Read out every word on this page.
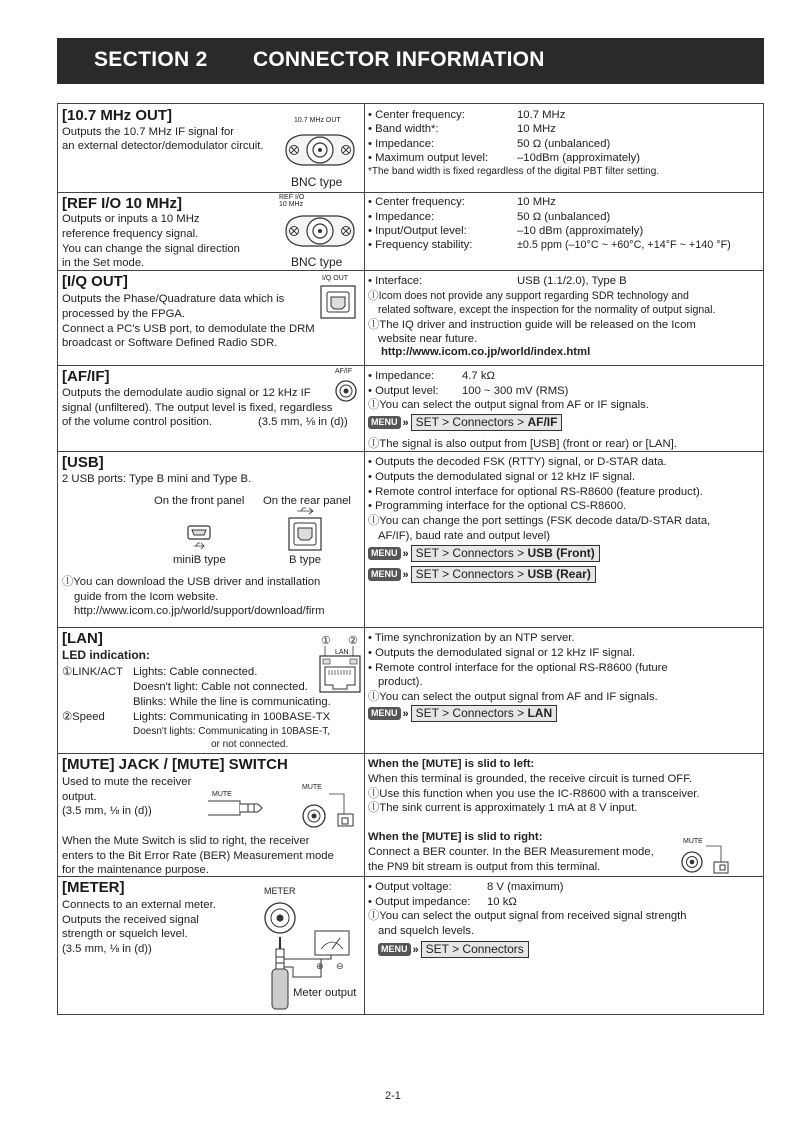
SECTION 2 CONNECTOR INFORMATION
[10.7 MHz OUT]
Outputs the 10.7 MHz IF signal for
an external detector/demodulator circuit.
10.7 MHz OUT
BNC type
• Center frequency:	10.7 MHz
• Band width*:	10 MHz
• Impedance:	50 Ω (unbalanced)
• Maximum output level:	–10dBm (approximately)
*The band width is fixed regardless of the digital PBT filter setting.
[REF I/O 10 MHz]
Outputs or inputs a 10 MHz
reference frequency signal.
You can change the signal direction
in the Set mode.
REF I/O
10 MHz
BNC type
• Center frequency:	10 MHz
• Impedance:	50 Ω (unbalanced)
• Input/Output level:	–10 dBm (approximately)
• Frequency stability:	±0.5 ppm (–10°C ~ +60°C, +14°F ~ +140 °F)
[I/Q OUT]
Outputs the Phase/Quadrature data which is
processed by the FPGA.
Connect a PC's USB port, to demodulate the DRM
broadcast or Software Defined Radio SDR.
I/Q OUT • Interface:	USB (1.1/2.0), Type B
ⓛIcom does not provide any support regarding SDR technology and
related software, except the inspection for the normality of output signal.
ⓛThe IQ driver and instruction guide will be released on the Icom
website near future.
http://www.icom.co.jp/world/index.html
[AF/IF]
Outputs the demodulate audio signal or 12 kHz IF
signal (unfiltered). The output level is fixed, regardless
of the volume control position.	(3.5 mm, ⅛ in (d))
AF/IF • Impedance: 4.7 kΩ
• Output level: 100 ~ 300 mV (RMS)
ⓛYou can select the output signal from AF or IF signals.
MENU » SET > Connectors > AF/IF
ⓛThe signal is also output from [USB] (front or rear) or [LAN].
[USB]
2 USB ports: Type B mini and Type B.
On the front panel On the rear panel
miniB type	B type
ⓛYou can download the USB driver and installation
guide from the Icom website.
http://www.icom.co.jp/world/support/download/firm
• Outputs the decoded FSK (RTTY) signal, or D-STAR data.
• Outputs the demodulated signal or 12 kHz IF signal.
• Remote control interface for optional RS-R8600 (feature product).
• Programming interface for the optional CS-R8600.
ⓛYou can change the port settings (FSK decode data/D-STAR data,
AF/IF), baud rate and output level)
MENU » SET > Connectors > USB (Front)
MENU » SET > Connectors > USB (Rear)
[LAN]
LED indication:
①LINK/ACT Lights: Cable connected.
Doesn't light: Cable not connected.
Blinks: While the line is communicating.
②Speed Lights: Communicating in 100BASE-TX
Doesn't lights: Communicating in 10BASE-T,
or not connected.
① ②
LAN
• Time synchronization by an NTP server.
• Outputs the demodulated signal or 12 kHz IF signal.
• Remote control interface for the optional RS-R8600 (future
product).
ⓛYou can select the output signal from AF and IF signals.
MENU » SET > Connectors > LAN
[MUTE] JACK / [MUTE] SWITCH
Used to mute the receiver
output.
(3.5 mm, ⅛ in (d))
MUTE
MUTE
When the Mute Switch is slid to right, the receiver
enters to the Bit Error Rate (BER) Measurement mode
for the maintenance purpose.
When the [MUTE] is slid to left:
When this terminal is grounded, the receive circuit is turned OFF.
ⓛUse this function when you use the IC-R8600 with a transceiver.
ⓛThe sink current is approximately 1 mA at 8 V input.
When the [MUTE] is slid to right:
Connect a BER counter. In the BER Measurement mode,
the PN9 bit stream is output from this terminal.
MUTE
[METER]
Connects to an external meter.
Outputs the received signal
strength or squelch level.
(3.5 mm, ⅛ in (d))
METER
⊕ ⊖
Meter output
• Output voltage:	8 V (maximum)
• Output impedance: 10 kΩ
ⓛYou can select the output signal from received signal strength
and squelch levels.
MENU » SET > Connectors
2-1
